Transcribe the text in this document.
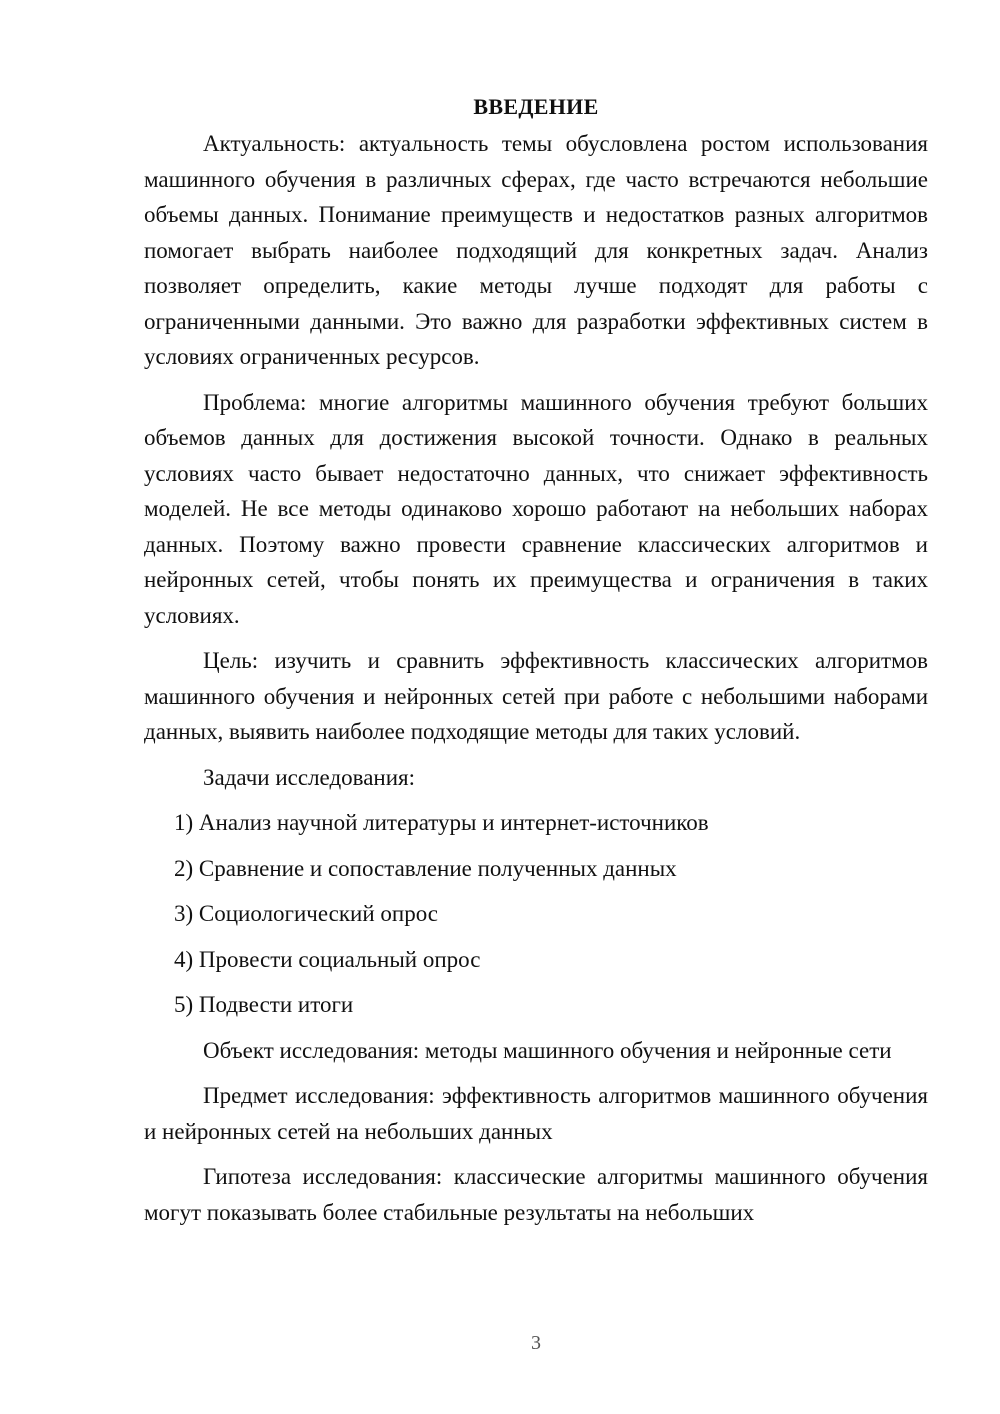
ВВЕДЕНИЕ

Актуальность: актуальность темы обусловлена ростом использования машинного обучения в различных сферах, где часто встречаются небольшие объемы данных. Понимание преимуществ и недостатков разных алгоритмов помогает выбрать наиболее подходящий для конкретных задач. Анализ позволяет определить, какие методы лучше подходят для работы с ограниченными данными. Это важно для разработки эффективных систем в условиях ограниченных ресурсов.

Проблема: многие алгоритмы машинного обучения требуют больших объемов данных для достижения высокой точности. Однако в реальных условиях часто бывает недостаточно данных, что снижает эффективность моделей. Не все методы одинаково хорошо работают на небольших наборах данных. Поэтому важно провести сравнение классических алгоритмов и нейронных сетей, чтобы понять их преимущества и ограничения в таких условиях.

Цель: изучить и сравнить эффективность классических алгоритмов машинного обучения и нейронных сетей при работе с небольшими наборами данных, выявить наиболее подходящие методы для таких условий.

Задачи исследования:

1) Анализ научной литературы и интернет-источников
2) Сравнение и сопоставление полученных данных
3) Социологический опрос
4) Провести социальный опрос
5) Подвести итоги

Объект исследования: методы машинного обучения и нейронные сети

Предмет исследования: эффективность алгоритмов машинного обучения и нейронных сетей на небольших данных

Гипотеза исследования: классические алгоритмы машинного обучения могут показывать более стабильные результаты на небольших

3
